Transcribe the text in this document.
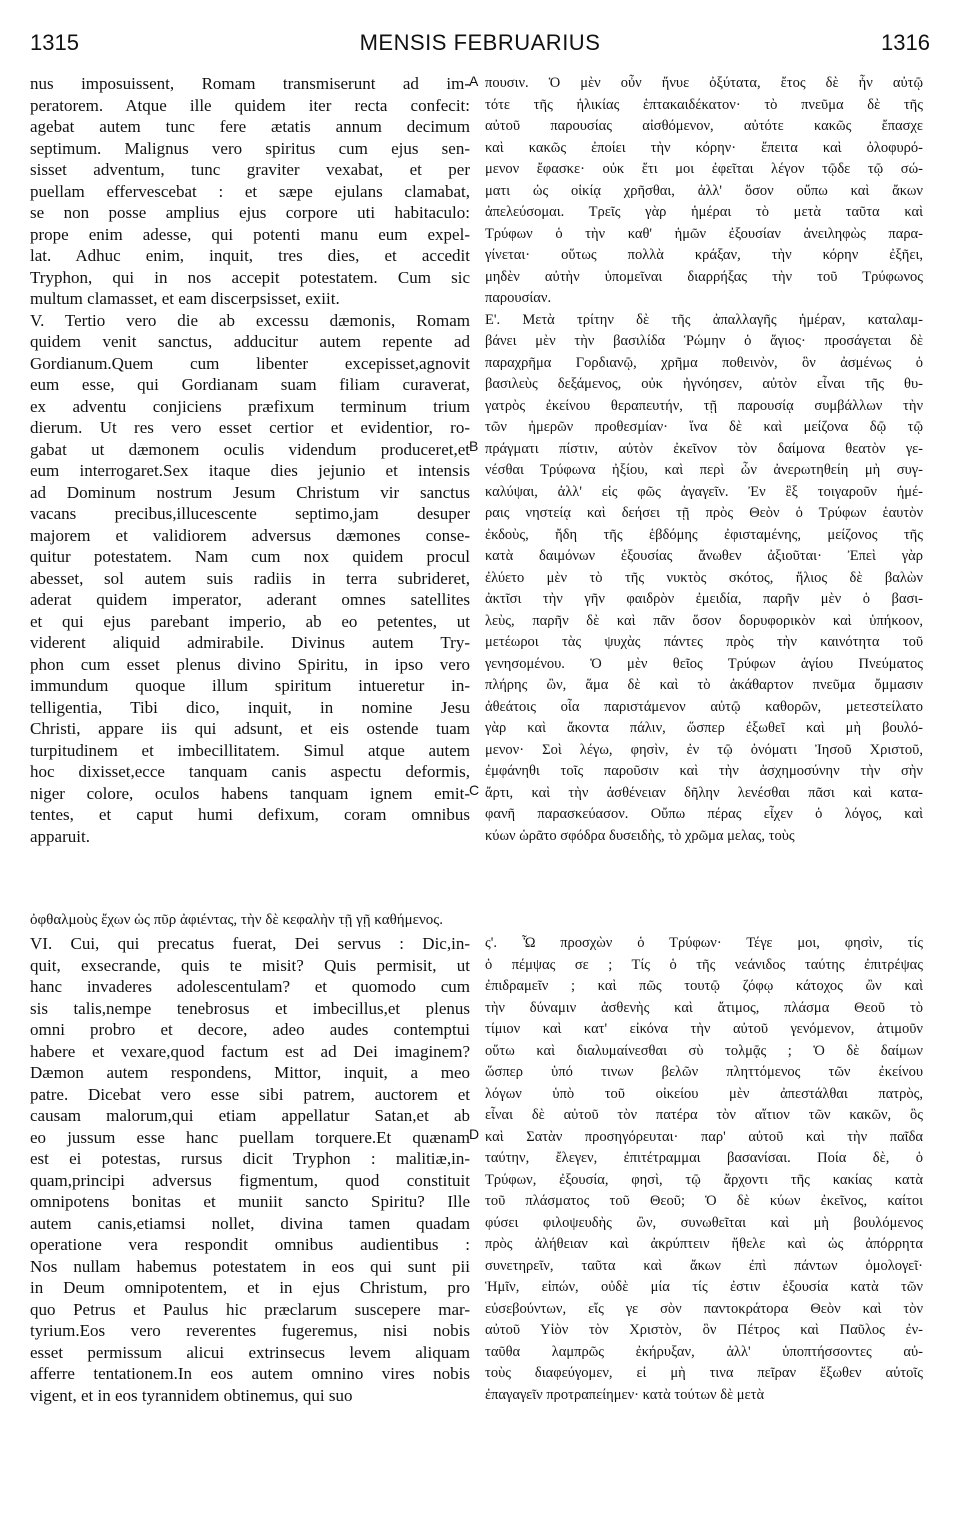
1315	MENSIS FEBRUARIUS	1316
A
B
C
D
nus imposuissent, Romam transmiserunt ad im-
peratorem. Atque ille quidem iter recta confecit:
agebat autem tunc fere ætatis annum decimum
septimum. Malignus vero spiritus cum ejus sen-
sisset adventum, tunc graviter vexabat, et per
puellam effervescebat : et sæpe ejulans clamabat,
se non posse amplius ejus corpore uti habitaculo:
prope enim adesse, qui potenti manu eum expel-
lat. Adhuc enim, inquit, tres dies, et accedit
Tryphon, qui in nos accepit potestatem. Cum sic
multum clamasset, et eam discerpsisset, exiit.
V. Tertio vero die ab excessu dæmonis, Romam
quidem venit sanctus, adducitur autem repente ad
Gordianum.Quem cum libenter excepisset,agnovit
eum esse, qui Gordianam suam filiam curaverat,
ex adventu conjiciens præfixum terminum trium
dierum. Ut res vero esset certior et evidentior, ro-
gabat ut dæmonem oculis videndum produceret,et
eum interrogaret.Sex itaque dies jejunio et intensis
ad Dominum nostrum Jesum Christum vir sanctus
vacans precibus,illucescente septimo,jam desuper
majorem et validiorem adversus dæmones conse-
quitur potestatem. Nam cum nox quidem procul
abesset, sol autem suis radiis in terra subrideret,
aderat quidem imperator, aderant omnes satellites
et qui ejus parebant imperio, ab eo petentes, ut
viderent aliquid admirabile. Divinus autem Try-
phon cum esset plenus divino Spiritu, in ipso vero
immundum quoque illum spiritum intueretur in-
telligentia, Tibi dico, inquit, in nomine Jesu
Christi, appare iis qui adsunt, et eis ostende tuam
turpitudinem et imbecillitatem. Simul atque autem
hoc dixisset,ecce tanquam canis aspectu deformis,
niger colore, oculos habens tanquam ignem emit-
tentes, et caput humi defixum, coram omnibus
apparuit.
πουσιν. Ὁ μὲν οὖν ἤνυε ὀξύτατα, ἔτος δὲ ἦν αὐτῷ
τότε τῆς ἡλικίας ἑπτακαιδέκατον· τὸ πνεῦμα δὲ τῆς
αὐτοῦ παρουσίας αἰσθόμενον, αὐτότε κακῶς ἔπασχε
καὶ κακῶς ἐποίει τὴν κόρην· ἔπειτα καὶ ὀλοφυρό-
μενον ἔφασκε· οὐκ ἔτι μοι ἐφεῖται λέγον τῷδε τῷ σώ-
ματι ὡς οἰκίᾳ χρῆσθαι, ἀλλ' ὅσον οὔπω καὶ ἄκων
ἀπελεύσομαι. Τρεῖς γὰρ ἡμέραι τὸ μετὰ ταῦτα καὶ
Τρύφων ὁ τὴν καθ' ἡμῶν ἐξουσίαν ἀνειληφὼς παρα-
γίνεται· οὕτως πολλὰ κράξαν, τὴν κόρην ἐξῆει,
μηδὲν αὐτὴν ὑπομεῖναι διαρρήξας τὴν τοῦ Τρύφωνος
παρουσίαν.
Ε'. Μετὰ τρίτην δὲ τῆς ἀπαλλαγῆς ἡμέραν, καταλαμ-
βάνει μὲν τὴν βασιλίδα Ῥώμην ὁ ἅγιος· προσάγεται δὲ
παραχρῆμα Γορδιανῷ, χρῆμα ποθεινὸν, ὃν ἀσμένως ὁ
βασιλεὺς δεξάμενος, οὐκ ἠγνόησεν, αὐτὸν εἶναι τῆς θυ-
γατρὸς ἐκείνου θεραπευτήν, τῇ παρουσίᾳ συμβάλλων τὴν
τῶν ἡμερῶν προθεσμίαν· ἵνα δὲ καὶ μείζονα δῷ τῷ
πράγματι πίστιν, αὐτὸν ἐκεῖνον τὸν δαίμονα θεατὸν γε-
νέσθαι Τρύφωνα ἠξίου, καὶ περὶ ὧν ἀνερωτηθείη μὴ συγ-
καλύψαι, ἀλλ' εἰς φῶς ἀγαγεῖν. Ἐν ἓξ τοιγαροῦν ἡμέ-
ραις νηστείᾳ καὶ δεήσει τῇ πρὸς Θεὸν ὁ Τρύφων ἑαυτὸν
ἐκδοὺς, ἤδη τῆς ἑβδόμης ἐφισταμένης, μείζονος τῆς
κατὰ δαιμόνων ἐξουσίας ἄνωθεν ἀξιοῦται· Ἐπεὶ γὰρ
ἐλύετο μὲν τὸ τῆς νυκτὸς σκότος, ἥλιος δὲ βαλὼν
ἀκτῖσι τὴν γῆν φαιδρὸν ἐμειδία, παρῆν μὲν ὁ βασι-
λεὺς, παρῆν δὲ καὶ πᾶν ὅσον δορυφορικὸν καὶ ὑπήκοον,
μετέωροι τὰς ψυχὰς πάντες πρὸς τὴν καινότητα τοῦ
γενησομένου. Ὁ μὲν θεῖος Τρύφων ἁγίου Πνεύματος
πλήρης ὢν, ἅμα δὲ καὶ τὸ ἀκάθαρτον πνεῦμα ὄμμασιν
ἀθεάτοις οἷα παριστάμενον αὐτῷ καθορῶν, μετεστείλατο
γὰρ καὶ ἄκοντα πάλιν, ὥσπερ ἐξωθεῖ καὶ μὴ βουλό-
μενον· Σοὶ λέγω, φησὶν, ἐν τῷ ὀνόματι Ἰησοῦ Χριστοῦ,
ἐμφάνηθι τοῖς παροῦσιν καὶ τὴν ἀσχημοσύνην τὴν σὴν
ἄρτι, καὶ τὴν ἀσθένειαν δῆλην λενέσθαι πᾶσι καὶ κατα-
φανῆ παρασκεύασον. Οὔπω πέρας εἶχεν ὁ λόγος, καὶ
κύων ὡρᾶτο σφόδρα δυσειδὴς, τὸ χρῶμα μελας, τοὺς
ὀφθαλμοὺς ἔχων ὡς πῦρ ἀφιέντας, τὴν δὲ κεφαλὴν τῇ γῇ καθήμενος.
VI. Cui, qui precatus fuerat, Dei servus : Dic,in-
quit, exsecrande, quis te misit? Quis permisit, ut
hanc invaderes adolescentulam? et quomodo cum
sis talis,nempe tenebrosus et imbecillus,et plenus
omni probro et decore, adeo audes contemptui
habere et vexare,quod factum est ad Dei imaginem?
Dæmon autem respondens, Mittor, inquit, a meo
patre. Dicebat vero esse sibi patrem, auctorem et
causam malorum,qui etiam appellatur Satan,et ab
eo jussum esse hanc puellam torquere.Et quænam
est ei potestas, rursus dicit Tryphon : malitiæ,in-
quam,principi adversus figmentum, quod constituit
omnipotens bonitas et muniit sancto Spiritu? Ille
autem canis,etiamsi nollet, divina tamen quadam
operatione vera respondit omnibus audientibus :
Nos nullam habemus potestatem in eos qui sunt pii
in Deum omnipotentem, et in ejus Christum, pro
quo Petrus et Paulus hic præclarum suscepere mar-
tyrium.Eos vero reverentes fugeremus, nisi nobis
esset permissum alicui extrinsecus levem aliquam
afferre tentationem.In eos autem omnino vires nobis
vigent, et in eos tyrannidem obtinemus, qui suo
ς'. Ὦ προσχὼν ὁ Τρύφων· Τέγε μοι, φησὶν, τίς
ὁ πέμψας σε ; Τίς ὁ τῆς νεάνιδος ταύτης ἐπιτρέψας
ἐπιδραμεῖν ; καὶ πῶς τουτῷ ζόφῳ κάτοχος ὢν καὶ
τὴν δύναμιν ἀσθενὴς καὶ ἄτιμος, πλάσμα Θεοῦ τὸ
τίμιον καὶ κατ' εἰκόνα τὴν αὐτοῦ γενόμενον, ἀτιμοῦν
οὕτω καὶ διαλυμαίνεσθαι σὺ τολμᾷς ; Ὁ δὲ δαίμων
ὥσπερ ὑπό τινων βελῶν πληττόμενος τῶν ἐκείνου
λόγων ὑπὸ τοῦ οἰκείου μὲν ἀπεστάλθαι πατρὸς,
εἶναι δὲ αὐτοῦ τὸν πατέρα τὸν αἴτιον τῶν κακῶν, ὃς
καὶ Σατὰν προσηγόρευται· παρ' αὐτοῦ καὶ τὴν παῖδα
ταύτην, ἔλεγεν, ἐπιτέτραμμαι βασανίσαι. Ποία δὲ, ὁ
Τρύφων, ἐξουσία, φησὶ, τῷ ἄρχοντι τῆς κακίας κατὰ
τοῦ πλάσματος τοῦ Θεοῦ; Ὁ δὲ κύων ἐκεῖνος, καίτοι
φύσει φιλοψευδὴς ὢν, συνωθεῖται καὶ μὴ βουλόμενος
πρὸς ἀλήθειαν καὶ ἀκρύπτειν ἤθελε καὶ ὡς ἀπόρρητα
συνετηρεῖν, ταῦτα καὶ ἄκων ἐπὶ πάντων ὁμολογεῖ·
Ἡμῖν, εἰπών, οὐδὲ μία τίς ἐστιν ἐξουσία κατὰ τῶν
εὐσεβούντων, εἴς γε σὸν παντοκράτορα Θεὸν καὶ τὸν
αὐτοῦ Υἱὸν τὸν Χριστὸν, ὃν Πέτρος καὶ Παῦλος ἐν-
ταῦθα λαμπρῶς ἐκήρυξαν, ἀλλ' ὑποπτήσσοντες αὐ-
τοὺς διαφεύγομεν, εἰ μὴ τινα πεῖραν ἔξωθεν αὐτοῖς
ἐπαγαγεῖν προτραπείημεν· κατὰ τούτων δὲ μετὰ
